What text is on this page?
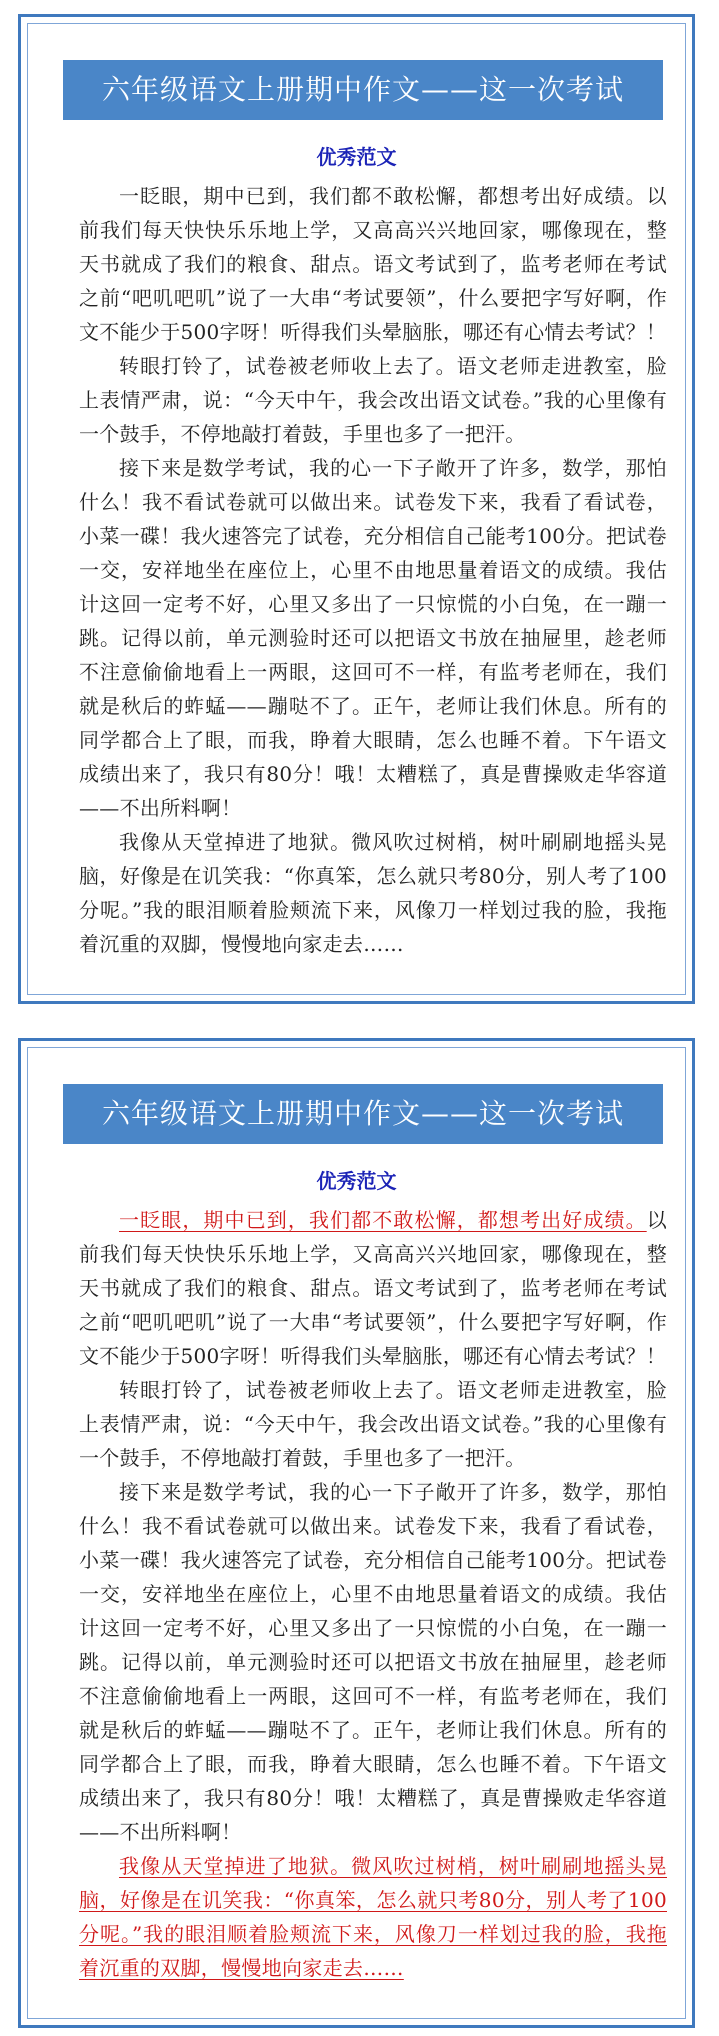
六年级语文上册期中作文——这一次考试
优秀范文

一眨眼，期中已到，我们都不敢松懈，都想考出好成绩。以前我们每天快快乐乐地上学，又高高兴兴地回家，哪像现在，整天书就成了我们的粮食、甜点。语文考试到了，监考老师在考试之前“吧叽吧叽”说了一大串“考试要领”，什么要把字写好啊，作文不能少于500字呀！听得我们头晕脑胀，哪还有心情去考试？！

转眼打铃了，试卷被老师收上去了。语文老师走进教室，脸上表情严肃，说：“今天中午，我会改出语文试卷。”我的心里像有一个鼓手，不停地敲打着鼓，手里也多了一把汗。

接下来是数学考试，我的心一下子敞开了许多，数学，那怕什么！我不看试卷就可以做出来。试卷发下来，我看了看试卷，小菜一碟！我火速答完了试卷，充分相信自己能考100分。把试卷一交，安祥地坐在座位上，心里不由地思量着语文的成绩。我估计这回一定考不好，心里又多出了一只惊慌的小白兔，在一蹦一跳。记得以前，单元测验时还可以把语文书放在抽屉里，趁老师不注意偷偷地看上一两眼，这回可不一样，有监考老师在，我们就是秋后的蚱蜢——蹦哒不了。正午，老师让我们休息。所有的同学都合上了眼，而我，睁着大眼睛，怎么也睡不着。下午语文成绩出来了，我只有80分！哦！太糟糕了，真是曹操败走华容道——不出所料啊！

我像从天堂掉进了地狱。微风吹过树梢，树叶刷刷地摇头晃脑，好像是在讥笑我：“你真笨，怎么就只考80分，别人考了100分呢。”我的眼泪顺着脸颊流下来，风像刀一样划过我的脸，我拖着沉重的双脚，慢慢地向家走去……

六年级语文上册期中作文——这一次考试
优秀范文

一眨眼，期中已到，我们都不敢松懈，都想考出好成绩。以前我们每天快快乐乐地上学，又高高兴兴地回家，哪像现在，整天书就成了我们的粮食、甜点。语文考试到了，监考老师在考试之前“吧叽吧叽”说了一大串“考试要领”，什么要把字写好啊，作文不能少于500字呀！听得我们头晕脑胀，哪还有心情去考试？！

转眼打铃了，试卷被老师收上去了。语文老师走进教室，脸上表情严肃，说：“今天中午，我会改出语文试卷。”我的心里像有一个鼓手，不停地敲打着鼓，手里也多了一把汗。

接下来是数学考试，我的心一下子敞开了许多，数学，那怕什么！我不看试卷就可以做出来。试卷发下来，我看了看试卷，小菜一碟！我火速答完了试卷，充分相信自己能考100分。把试卷一交，安祥地坐在座位上，心里不由地思量着语文的成绩。我估计这回一定考不好，心里又多出了一只惊慌的小白兔，在一蹦一跳。记得以前，单元测验时还可以把语文书放在抽屉里，趁老师不注意偷偷地看上一两眼，这回可不一样，有监考老师在，我们就是秋后的蚱蜢——蹦哒不了。正午，老师让我们休息。所有的同学都合上了眼，而我，睁着大眼睛，怎么也睡不着。下午语文成绩出来了，我只有80分！哦！太糟糕了，真是曹操败走华容道——不出所料啊！

我像从天堂掉进了地狱。微风吹过树梢，树叶刷刷地摇头晃脑，好像是在讥笑我：“你真笨，怎么就只考80分，别人考了100分呢。”我的眼泪顺着脸颊流下来，风像刀一样划过我的脸，我拖着沉重的双脚，慢慢地向家走去……
